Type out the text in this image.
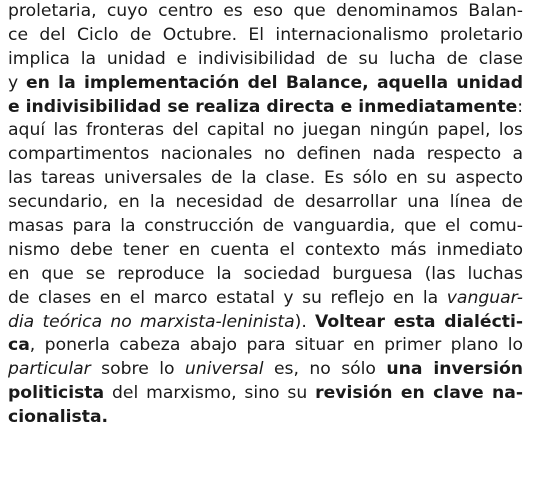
proletaria, cuyo centro es eso que denominamos Balan-
ce del Ciclo de Octubre. El internacionalismo proletario
implica la unidad e indivisibilidad de su lucha de clase
y en la implementación del Balance, aquella unidad
e indivisibilidad se realiza directa e inmediatamente:
aquí las fronteras del capital no juegan ningún papel, los
compartimentos nacionales no definen nada respecto a
las tareas universales de la clase. Es sólo en su aspecto
secundario, en la necesidad de desarrollar una línea de
masas para la construcción de vanguardia, que el comu-
nismo debe tener en cuenta el contexto más inmediato
en que se reproduce la sociedad burguesa (las luchas
de clases en el marco estatal y su reflejo en la vanguar-
dia teórica no marxista-leninista). Voltear esta dialécti-
ca, ponerla cabeza abajo para situar en primer plano lo
particular sobre lo universal es, no sólo una inversión
politicista del marxismo, sino su revisión en clave na-
cionalista.
